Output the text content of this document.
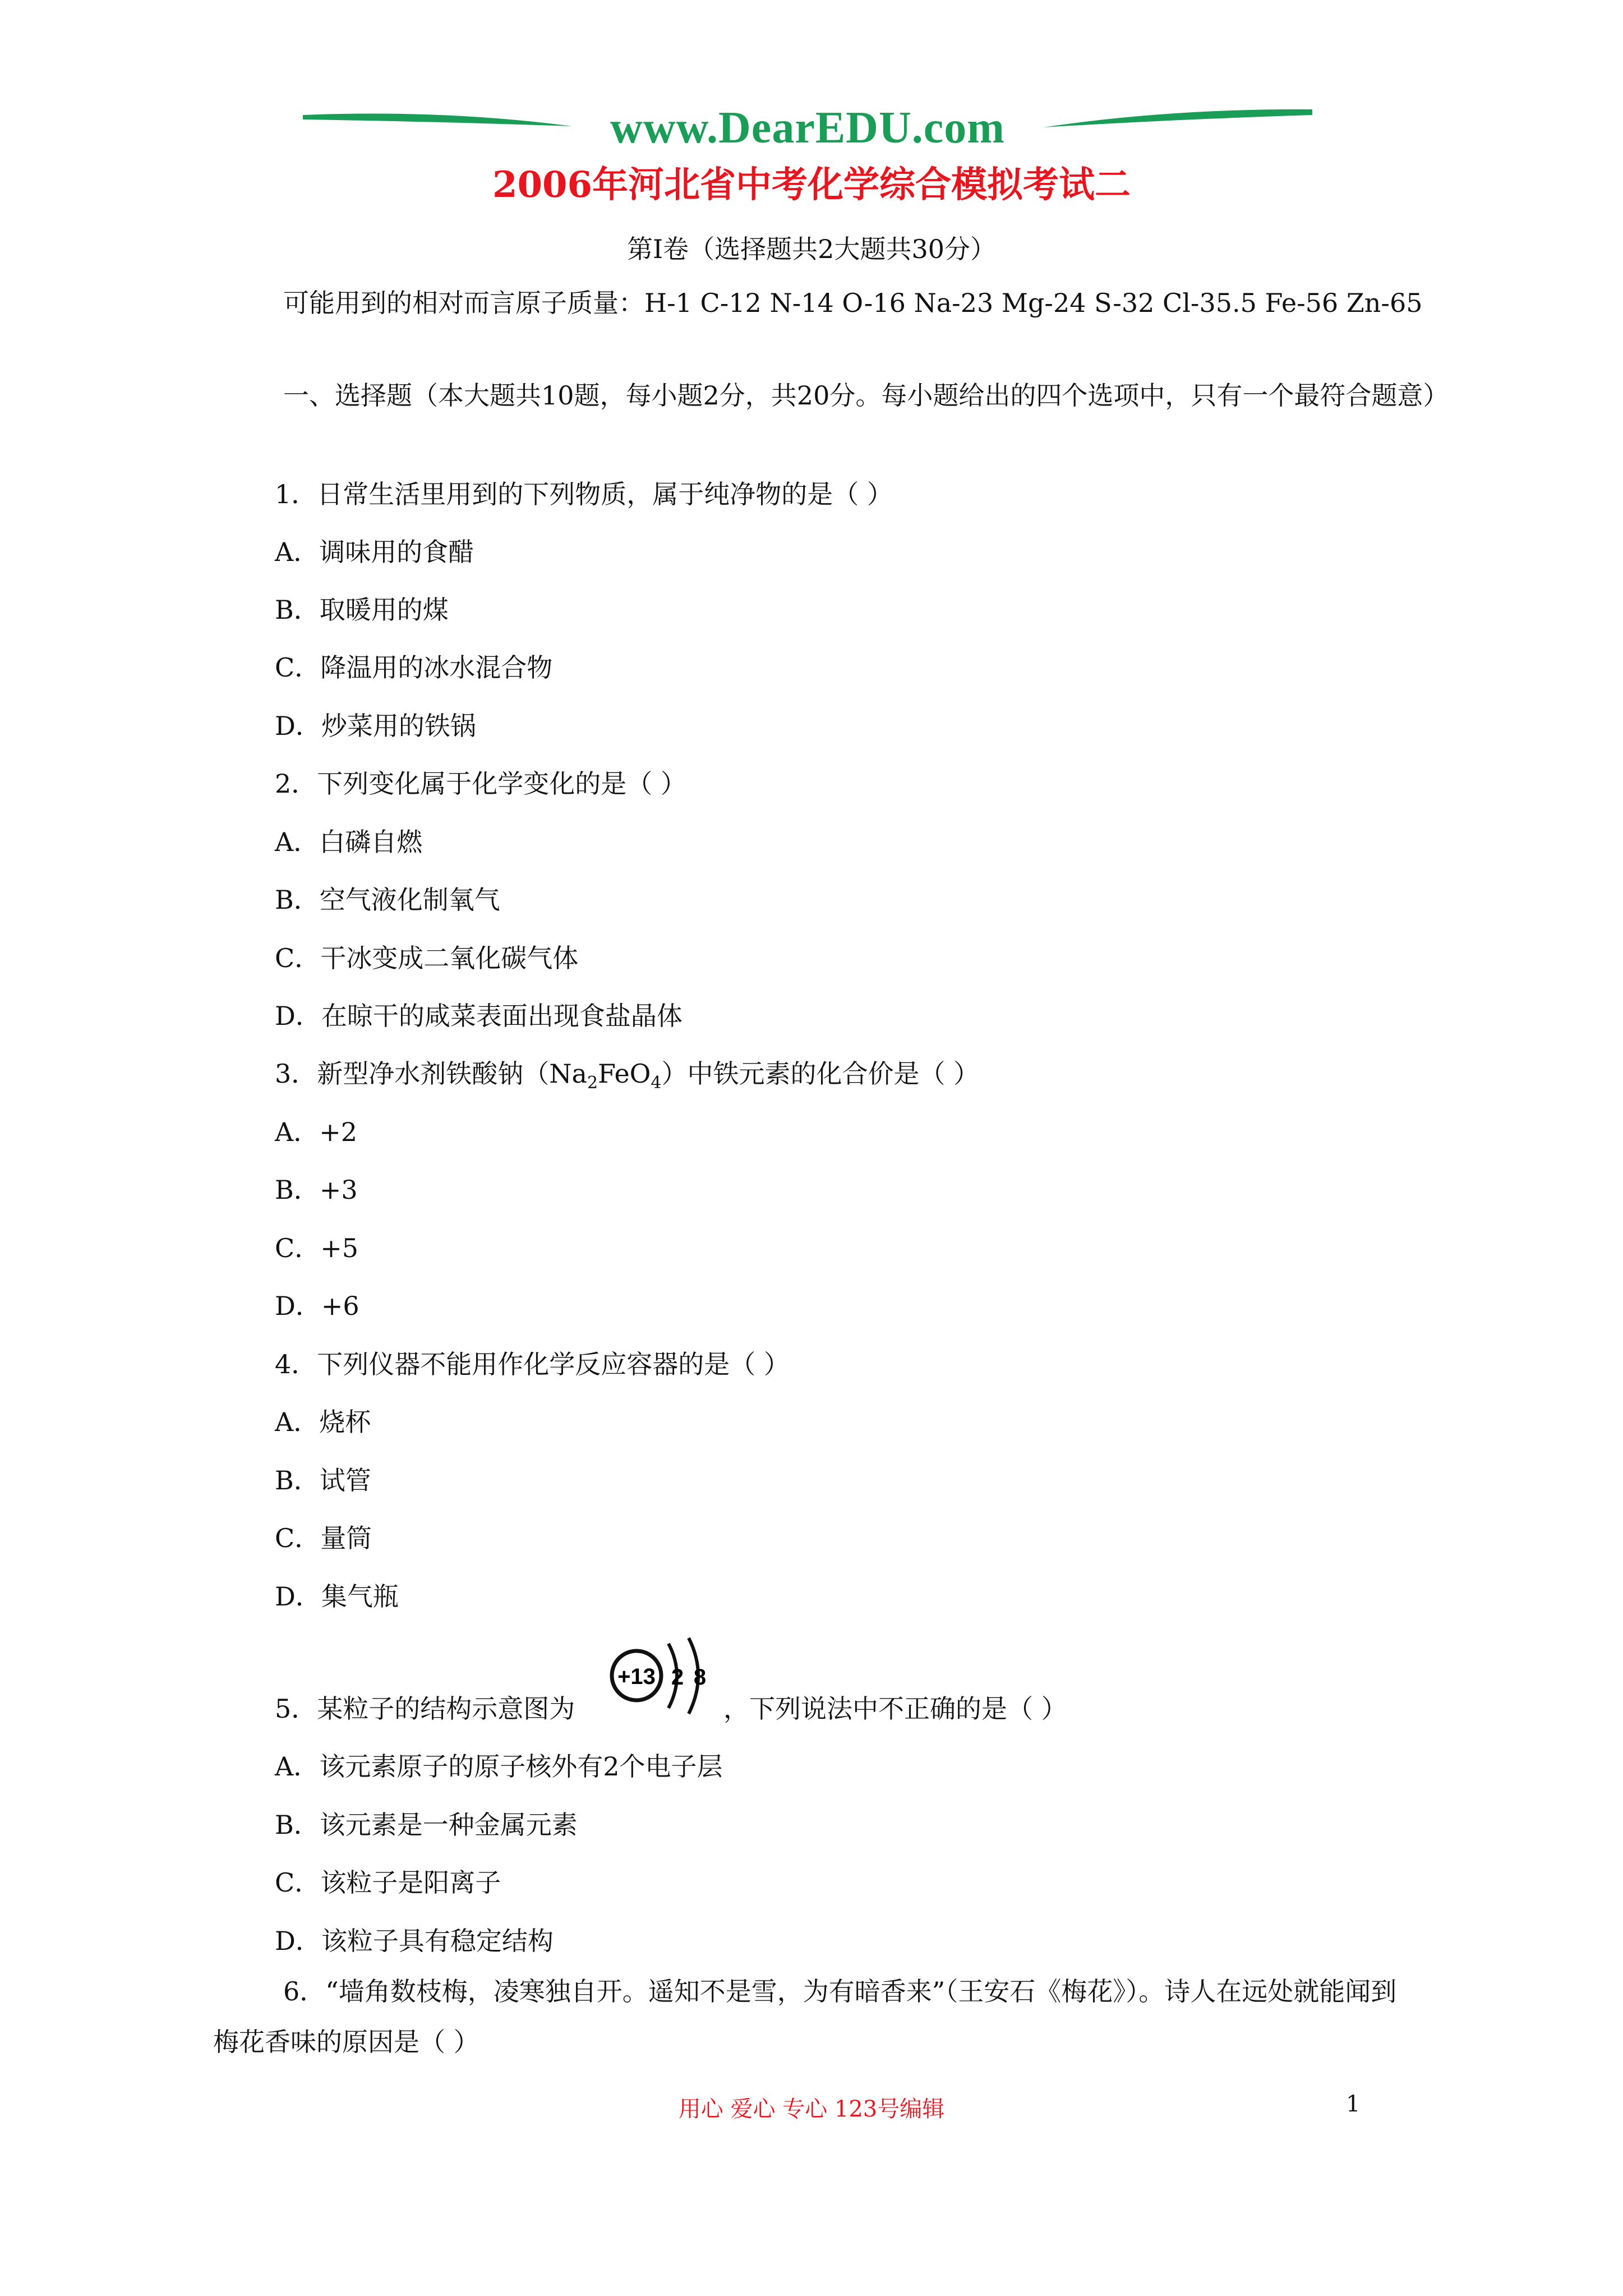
www.DearEDU.com
2006年河北省中考化学综合模拟考试二
第Ⅰ卷（选择题共2大题共30分）
可能用到的相对而言原子质量：H-1 C-12 N-14 O-16 Na-23 Mg-24 S-32 Cl-35.5 Fe-56 Zn-65
一、选择题（本大题共10题，每小题2分，共20分。每小题给出的四个选项中，只有一个最符合题意）
1．日常生活里用到的下列物质，属于纯净物的是（ ）
A．调味用的食醋
B．取暖用的煤
C．降温用的冰水混合物
D．炒菜用的铁锅
2．下列变化属于化学变化的是（ ）
A．白磷自燃
B．空气液化制氧气
C．干冰变成二氧化碳气体
D．在晾干的咸菜表面出现食盐晶体
3．新型净水剂铁酸钠$(Na_2FeO_4)$中铁元素的化合价是（ ）
A．+2
B．+3
C．+5
D．+6
4．下列仪器不能用作化学反应容器的是（ ）
A．烧杯
B．试管
C．量筒
D．集气瓶
5．某粒子的结构示意图为
+13 2 8
，下列说法中不正确的是（ ）
A．该元素原子的原子核外有2个电子层
B．该元素是一种金属元素
C．该粒子是阳离子
D．该粒子具有稳定结构
6．“墙角数枝梅，凌寒独自开。遥知不是雪，为有暗香来”（王安石《梅花》）。诗人在远处就能闻到梅花香味的原因是（ ）
用心 爱心 专心 123号编辑	1
